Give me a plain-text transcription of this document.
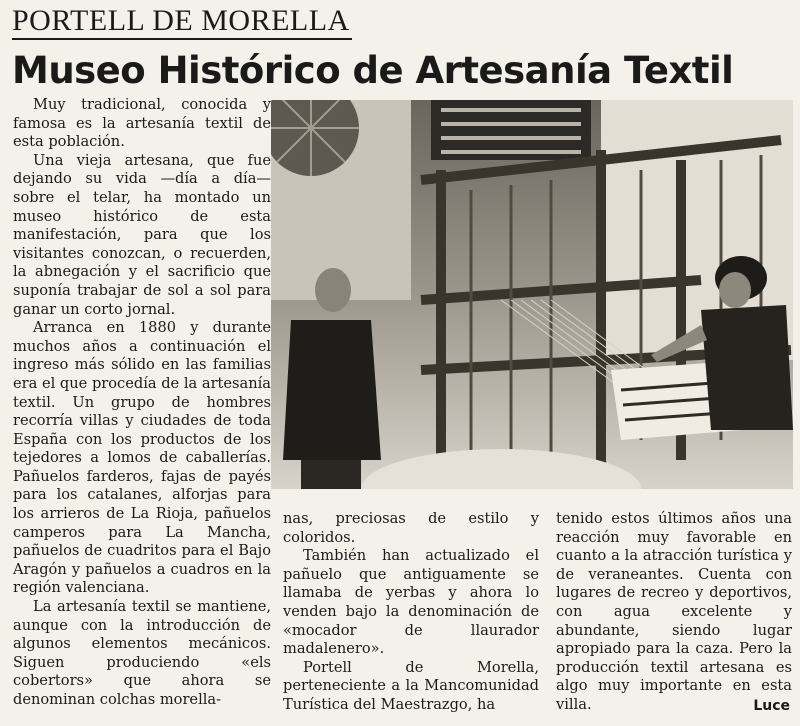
PORTELL DE MORELLA
Museo Histórico de Artesanía Textil

Muy tradicional, conocida y famosa es la artesanía textil de esta población.

Una vieja artesana, que fue dejando su vida —día a día— sobre el telar, ha montado un museo histórico de esta manifestación, para que los visitantes conozcan, o recuerden, la abnegación y el sacrificio que suponía trabajar de sol a sol para ganar un corto jornal.

Arranca en 1880 y durante muchos años a continuación el ingreso más sólido en las familias era el que procedía de la artesanía textil. Un grupo de hombres recorría villas y ciudades de toda España con los productos de los tejedores a lomos de caballerías. Pañuelos farderos, fajas de payés para los catalanes, alforjas para los arrieros de La Rioja, pañuelos camperos para La Mancha, pañuelos de cuadritos para el Bajo Aragón y pañuelos a cuadros en la región valenciana.

La artesanía textil se mantiene, aunque con la introducción de algunos elementos mecánicos. Siguen produciendo «els cobertors» que ahora se denominan colchas morella-

nas, preciosas de estilo y coloridos.

También han actualizado el pañuelo que antiguamente se llamaba de yerbas y ahora lo venden bajo la denominación de «mocador de llaurador madalenero».

Portell de Morella, perteneciente a la Mancomunidad Turística del Maestrazgo, ha

tenido estos últimos años una reacción muy favorable en cuanto a la atracción turística y de veraneantes. Cuenta con lugares de recreo y deportivos, con agua excelente y abundante, siendo lugar apropiado para la caza. Pero la producción textil artesana es algo muy importante en esta villa.	Luce
